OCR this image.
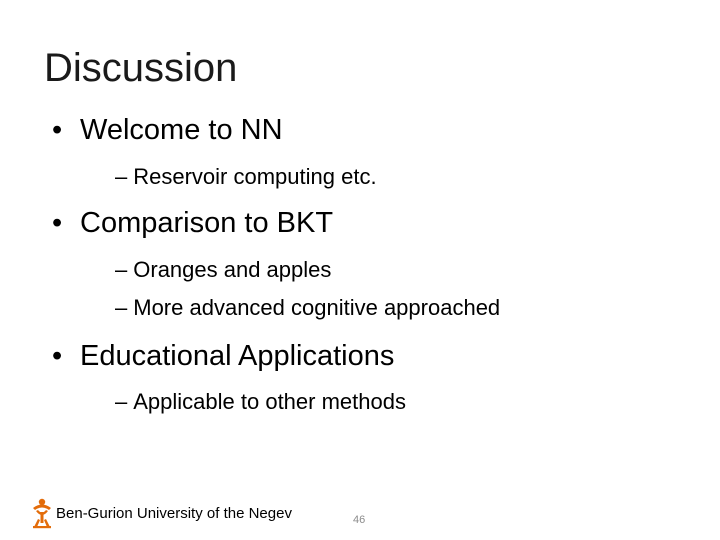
Discussion
• Welcome to NN
– Reservoir computing etc.
• Comparison to BKT
– Oranges and apples
– More advanced cognitive approached
• Educational Applications
– Applicable to other methods
Ben-Gurion University of the Negev	46
